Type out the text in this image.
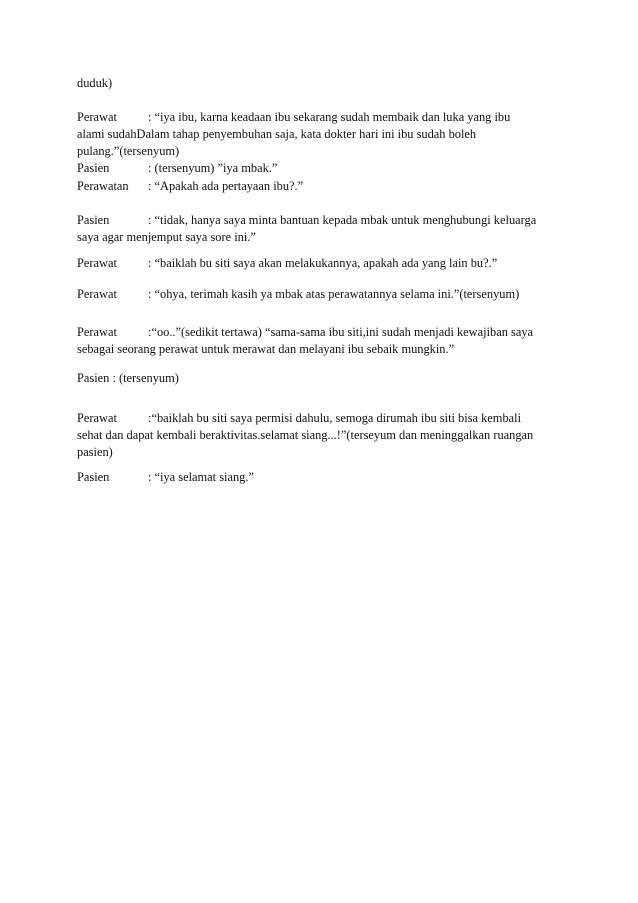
duduk)
Perawat	: “iya ibu, karna keadaan ibu sekarang sudah membaik dan luka yang ibu
alami sudahDalam tahap penyembuhan saja, kata dokter hari ini ibu sudah boleh
pulang.”(tersenyum)
Pasien	: (tersenyum) ”iya mbak.”
Perawatan : “Apakah ada pertayaan ibu?.”
Pasien	: “tidak, hanya saya minta bantuan kepada mbak untuk menghubungi keluarga
saya agar menjemput saya sore ini.”
Perawat	: “baiklah bu siti saya akan melakukannya, apakah ada yang lain bu?.”
Perawat	: “ohya, terimah kasih ya mbak atas perawatannya selama ini.”(tersenyum)
Perawat	:“oo..”(sedikit tertawa) “sama-sama ibu siti,ini sudah menjadi kewajiban saya
sebagai seorang perawat untuk merawat dan melayani ibu sebaik mungkin.”
Pasien : (tersenyum)
Perawat	:“baiklah bu siti saya permisi dahulu, semoga dirumah ibu siti bisa kembali
sehat dan dapat kembali beraktivitas.selamat siang...!”(terseyum dan meninggalkan ruangan
pasien)
Pasien	: “iya selamat siang.”
